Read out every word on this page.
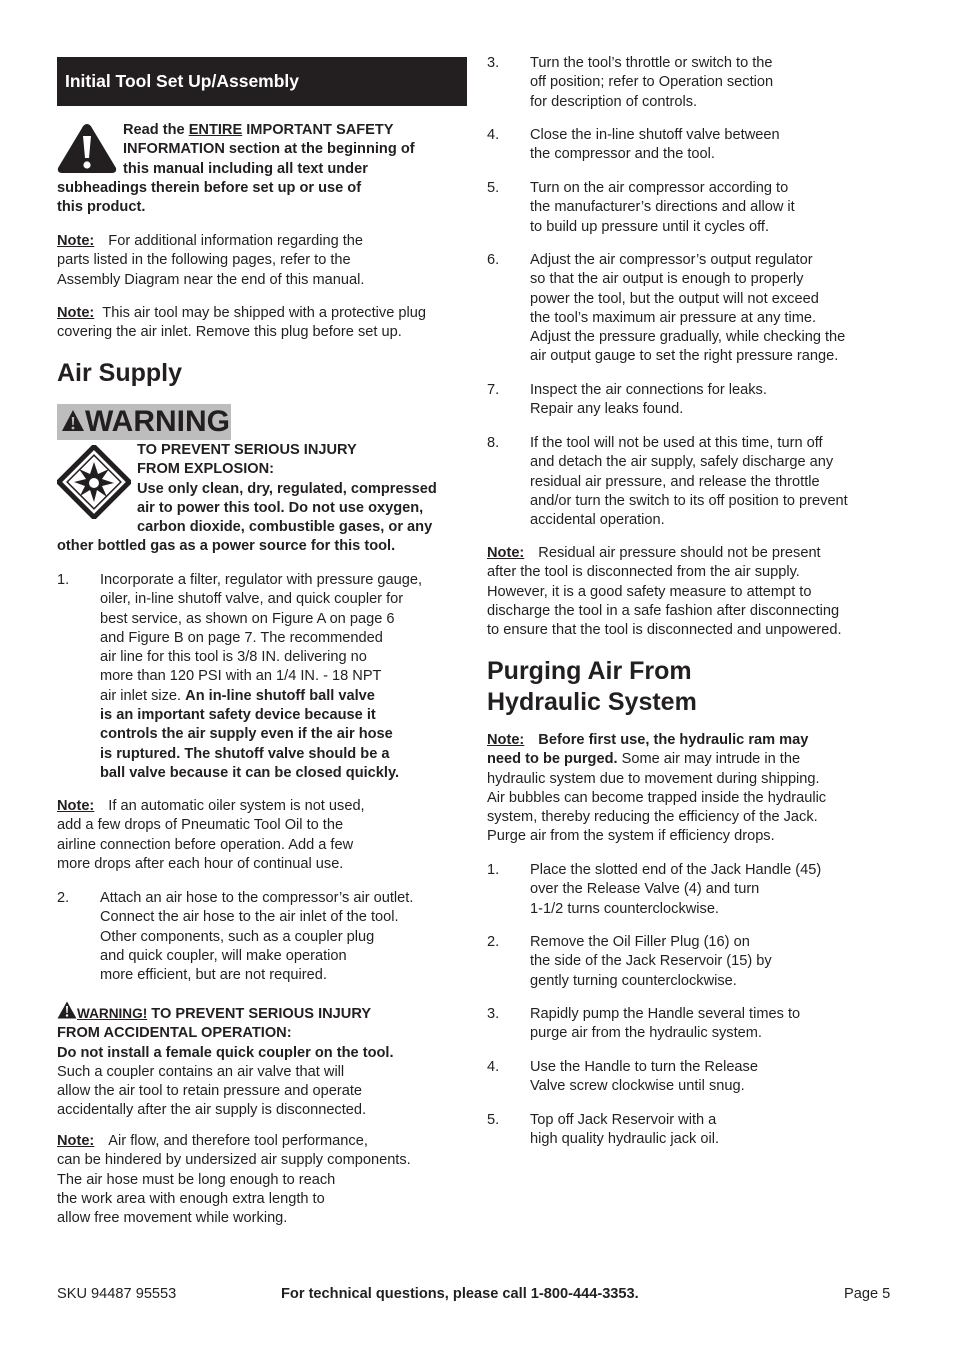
Initial Tool Set Up/Assembly
Read the ENTIRE IMPORTANT SAFETY
INFORMATION section at the beginning of
this manual including all text under
subheadings therein before set up or use of
this product.
Note: For additional information regarding the
parts listed in the following pages, refer to the
Assembly Diagram near the end of this manual.
Note: This air tool may be shipped with a protective plug
covering the air inlet. Remove this plug before set up.
Air Supply
WARNING
TO PREVENT SERIOUS INJURY
FROM EXPLOSION:
Use only clean, dry, regulated, compressed
air to power this tool. Do not use oxygen,
carbon dioxide, combustible gases, or any
other bottled gas as a power source for this tool.
1. Incorporate a filter, regulator with pressure gauge,
oiler, in-line shutoff valve, and quick coupler for
best service, as shown on Figure A on page 6
and Figure B on page 7. The recommended
air line for this tool is 3/8 IN. delivering no
more than 120 PSI with an 1/4 IN. - 18 NPT
air inlet size. An in-line shutoff ball valve
is an important safety device because it
controls the air supply even if the air hose
is ruptured. The shutoff valve should be a
ball valve because it can be closed quickly.
Note: If an automatic oiler system is not used,
add a few drops of Pneumatic Tool Oil to the
airline connection before operation. Add a few
more drops after each hour of continual use.
2. Attach an air hose to the compressor’s air outlet.
Connect the air hose to the air inlet of the tool.
Other components, such as a coupler plug
and quick coupler, will make operation
more efficient, but are not required.
WARNING! TO PREVENT SERIOUS INJURY
FROM ACCIDENTAL OPERATION:
Do not install a female quick coupler on the tool.
Such a coupler contains an air valve that will
allow the air tool to retain pressure and operate
accidentally after the air supply is disconnected.
Note: Air flow, and therefore tool performance,
can be hindered by undersized air supply components.
The air hose must be long enough to reach
the work area with enough extra length to
allow free movement while working.
3. Turn the tool’s throttle or switch to the
off position; refer to Operation section
for description of controls.
4. Close the in-line shutoff valve between
the compressor and the tool.
5. Turn on the air compressor according to
the manufacturer’s directions and allow it
to build up pressure until it cycles off.
6. Adjust the air compressor’s output regulator
so that the air output is enough to properly
power the tool, but the output will not exceed
the tool’s maximum air pressure at any time.
Adjust the pressure gradually, while checking the
air output gauge to set the right pressure range.
7. Inspect the air connections for leaks.
Repair any leaks found.
8. If the tool will not be used at this time, turn off
and detach the air supply, safely discharge any
residual air pressure, and release the throttle
and/or turn the switch to its off position to prevent
accidental operation.
Note: Residual air pressure should not be present
after the tool is disconnected from the air supply.
However, it is a good safety measure to attempt to
discharge the tool in a safe fashion after disconnecting
to ensure that the tool is disconnected and unpowered.
Purging Air From
Hydraulic System
Note: Before first use, the hydraulic ram may
need to be purged. Some air may intrude in the
hydraulic system due to movement during shipping.
Air bubbles can become trapped inside the hydraulic
system, thereby reducing the efficiency of the Jack.
Purge air from the system if efficiency drops.
1. Place the slotted end of the Jack Handle (45)
over the Release Valve (4) and turn
1-1/2 turns counterclockwise.
2. Remove the Oil Filler Plug (16) on
the side of the Jack Reservoir (15) by
gently turning counterclockwise.
3. Rapidly pump the Handle several times to
purge air from the hydraulic system.
4. Use the Handle to turn the Release
Valve screw clockwise until snug.
5. Top off Jack Reservoir with a
high quality hydraulic jack oil.
SKU 94487 95553	For technical questions, please call 1-800-444-3353.	Page 5
